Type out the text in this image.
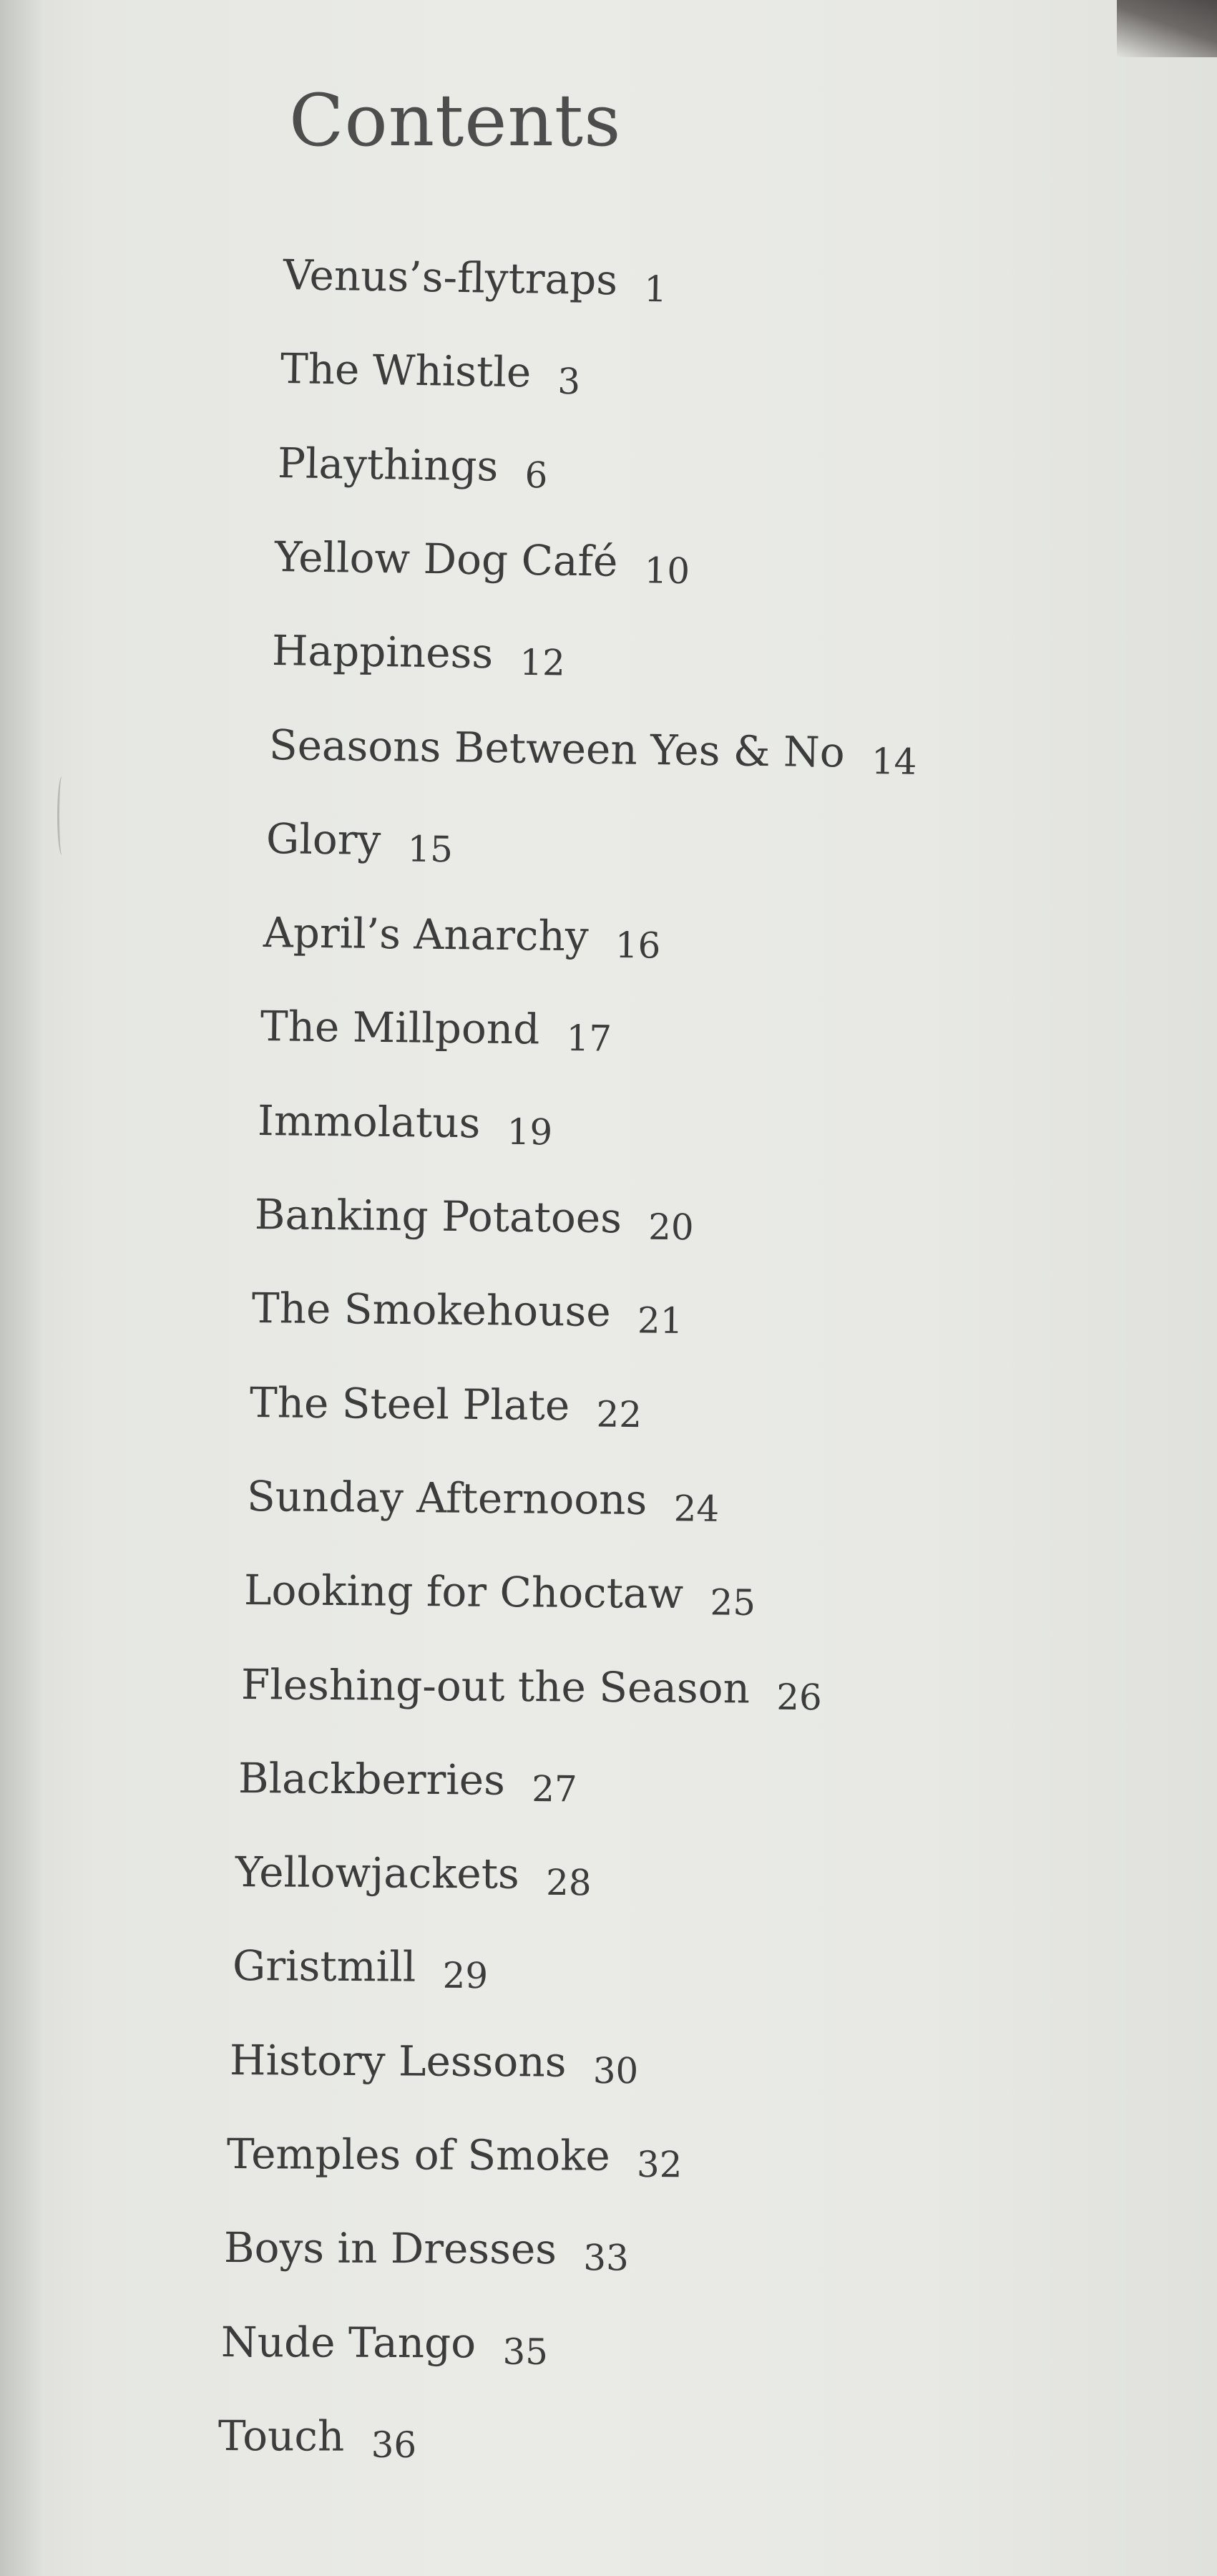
Contents
Venus’s-flytraps 1
The Whistle 3
Playthings 6
Yellow Dog Café 10
Happiness 12
Seasons Between Yes & No 14
Glory 15
April’s Anarchy 16
The Millpond 17
Immolatus 19
Banking Potatoes 20
The Smokehouse 21
The Steel Plate 22
Sunday Afternoons 24
Looking for Choctaw 25
Fleshing-out the Season 26
Blackberries 27
Yellowjackets 28
Gristmill 29
History Lessons 30
Temples of Smoke 32
Boys in Dresses 33
Nude Tango 35
Touch 36
